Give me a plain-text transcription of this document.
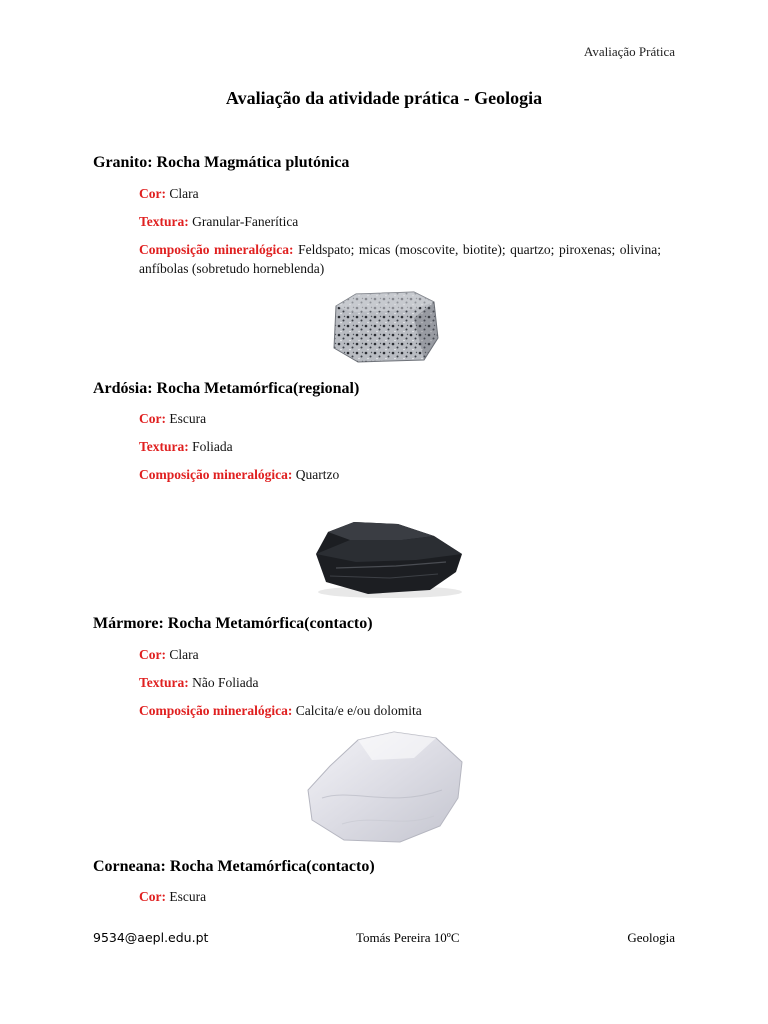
Avaliação Prática
Avaliação da atividade prática - Geologia
Granito: Rocha Magmática plutónica
Cor: Clara
Textura: Granular-Fanerítica
Composição mineralógica: Feldspato; micas (moscovite, biotite); quartzo; piroxenas; olivina; anfíbolas (sobretudo horneblenda)
Ardósia: Rocha Metamórfica(regional)
Cor: Escura
Textura: Foliada
Composição mineralógica: Quartzo
Mármore: Rocha Metamórfica(contacto)
Cor: Clara
Textura: Não Foliada
Composição mineralógica: Calcita/e e/ou dolomita
Corneana: Rocha Metamórfica(contacto)
Cor: Escura
9534@aepl.edu.pt	Tomás Pereira 10ºC	Geologia
